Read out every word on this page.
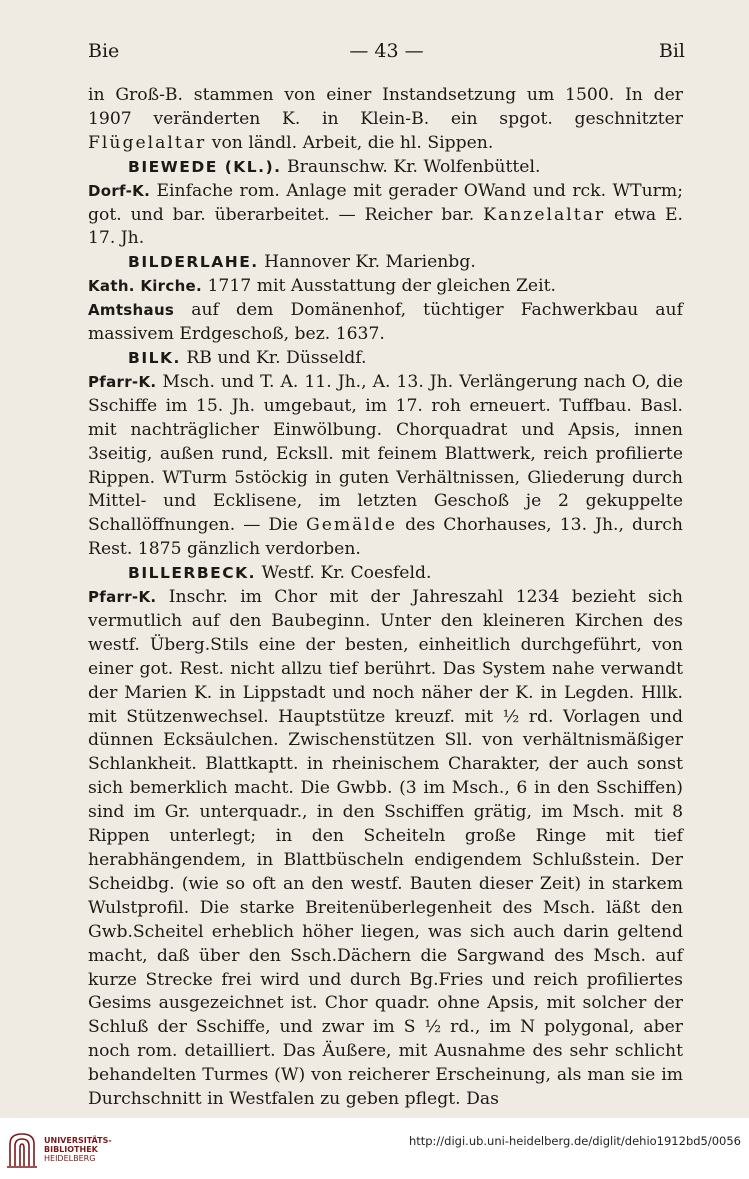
Bie	— 43 —	Bil

in Groß-B. stammen von einer Instandsetzung um 1500. In der 1907 veränderten K. in Klein-B. ein spgot. geschnitzter Flügelaltar von ländl. Arbeit, die hl. Sippen.

BIEWEDE (KL.). Braunschw. Kr. Wolfenbüttel.

Dorf-K. Einfache rom. Anlage mit gerader OWand und rck. WTurm; got. und bar. überarbeitet. — Reicher bar. Kanzelaltar etwa E. 17. Jh.

BILDERLAHE. Hannover Kr. Marienbg.

Kath. Kirche. 1717 mit Ausstattung der gleichen Zeit.

Amtshaus auf dem Domänenhof, tüchtiger Fachwerkbau auf massivem Erdgeschoß, bez. 1637.

BILK. RB und Kr. Düsseldf.

Pfarr-K. Msch. und T. A. 11. Jh., A. 13. Jh. Verlängerung nach O, die Sschiffe im 15. Jh. umgebaut, im 17. roh erneuert. Tuffbau. Basl. mit nachträglicher Einwölbung. Chorquadrat und Apsis, innen 3seitig, außen rund, Ecksll. mit feinem Blattwerk, reich profilierte Rippen. WTurm 5stöckig in guten Verhältnissen, Gliederung durch Mittel- und Ecklisene, im letzten Geschoß je 2 gekuppelte Schallöffnungen. — Die Gemälde des Chorhauses, 13. Jh., durch Rest. 1875 gänzlich verdorben.

BILLERBECK. Westf. Kr. Coesfeld.

Pfarr-K. Inschr. im Chor mit der Jahreszahl 1234 bezieht sich vermutlich auf den Baubeginn. Unter den kleineren Kirchen des westf. Überg.Stils eine der besten, einheitlich durchgeführt, von einer got. Rest. nicht allzu tief berührt. Das System nahe verwandt der Marien K. in Lippstadt und noch näher der K. in Legden. Hllk. mit Stützenwechsel. Hauptstütze kreuzf. mit ½ rd. Vorlagen und dünnen Ecksäulchen. Zwischenstützen Sll. von verhältnismäßiger Schlankheit. Blattkaptt. in rheinischem Charakter, der auch sonst sich bemerklich macht. Die Gwbb. (3 im Msch., 6 in den Sschiffen) sind im Gr. unterquadr., in den Sschiffen grätig, im Msch. mit 8 Rippen unterlegt; in den Scheiteln große Ringe mit tief herabhängendem, in Blattbüscheln endigendem Schlußstein. Der Scheidbg. (wie so oft an den westf. Bauten dieser Zeit) in starkem Wulstprofil. Die starke Breitenüberlegenheit des Msch. läßt den Gwb.Scheitel erheblich höher liegen, was sich auch darin geltend macht, daß über den Ssch.Dächern die Sargwand des Msch. auf kurze Strecke frei wird und durch Bg.Fries und reich profiliertes Gesims ausgezeichnet ist. Chor quadr. ohne Apsis, mit solcher der Schluß der Sschiffe, und zwar im S ½ rd., im N polygonal, aber noch rom. detailliert. Das Äußere, mit Ausnahme des sehr schlicht behandelten Turmes (W) von reicherer Erscheinung, als man sie im Durchschnitt in Westfalen zu geben pflegt. Das

UNIVERSITÄTS-
BIBLIOTHEK
HEIDELBERG
http://digi.ub.uni-heidelberg.de/diglit/dehio1912bd5/0056
